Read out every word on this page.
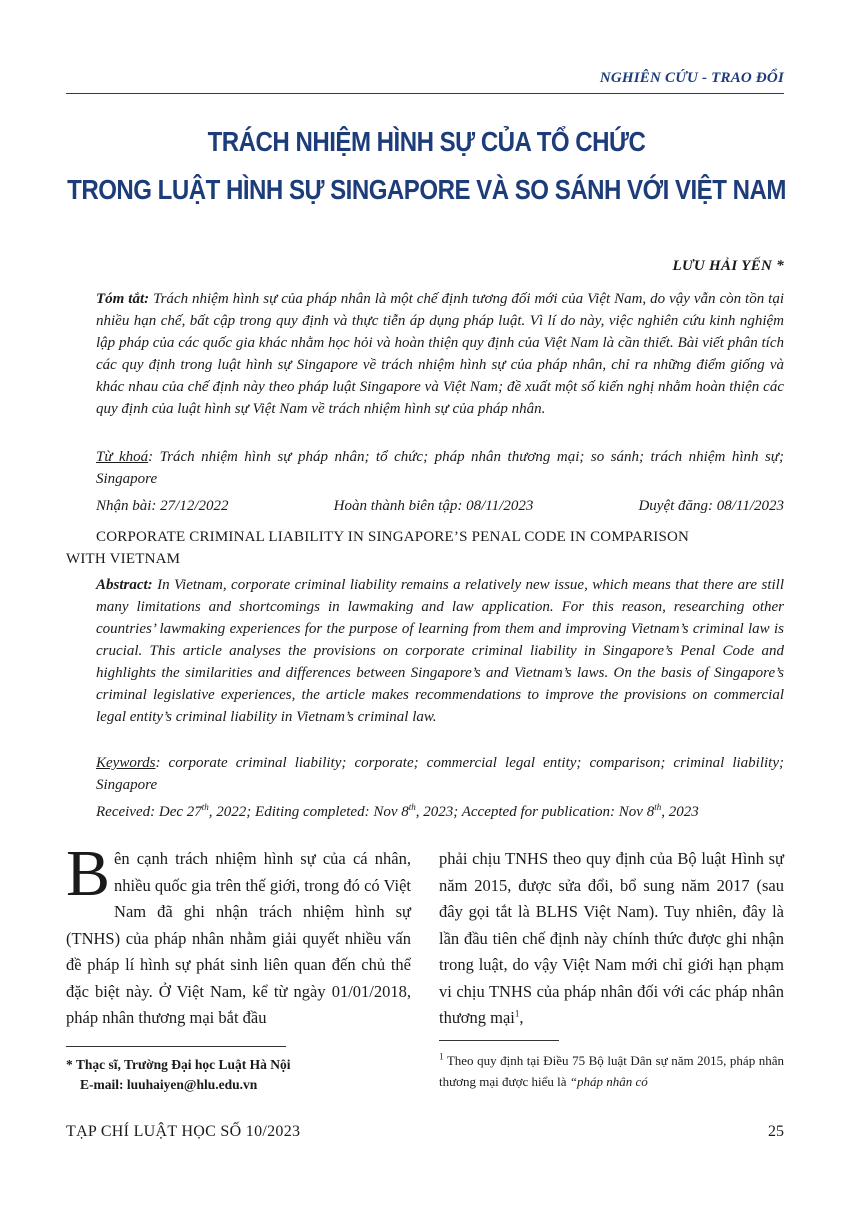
NGHIÊN CỨU - TRAO ĐỔI
TRÁCH NHIỆM HÌNH SỰ CỦA TỔ CHỨC
TRONG LUẬT HÌNH SỰ SINGAPORE VÀ SO SÁNH VỚI VIỆT NAM
LƯU HẢI YẾN *
Tóm tắt: Trách nhiệm hình sự của pháp nhân là một chế định tương đối mới của Việt Nam, do vậy vẫn còn tồn tại nhiều hạn chế, bất cập trong quy định và thực tiễn áp dụng pháp luật. Vì lí do này, việc nghiên cứu kinh nghiệm lập pháp của các quốc gia khác nhằm học hỏi và hoàn thiện quy định của Việt Nam là cần thiết. Bài viết phân tích các quy định trong luật hình sự Singapore về trách nhiệm hình sự của pháp nhân, chỉ ra những điểm giống và khác nhau của chế định này theo pháp luật Singapore và Việt Nam; đề xuất một số kiến nghị nhằm hoàn thiện các quy định của luật hình sự Việt Nam về trách nhiệm hình sự của pháp nhân.
Từ khoá: Trách nhiệm hình sự pháp nhân; tổ chức; pháp nhân thương mại; so sánh; trách nhiệm hình sự; Singapore
Nhận bài: 27/12/2022	Hoàn thành biên tập: 08/11/2023	Duyệt đăng: 08/11/2023
CORPORATE CRIMINAL LIABILITY IN SINGAPORE’S PENAL CODE IN COMPARISON
WITH VIETNAM
Abstract: In Vietnam, corporate criminal liability remains a relatively new issue, which means that there are still many limitations and shortcomings in lawmaking and law application. For this reason, researching other countries’ lawmaking experiences for the purpose of learning from them and improving Vietnam’s criminal law is crucial. This article analyses the provisions on corporate criminal liability in Singapore’s Penal Code and highlights the similarities and differences between Singapore’s and Vietnam’s laws. On the basis of Singapore’s criminal legislative experiences, the article makes recommendations to improve the provisions on commercial legal entity’s criminal liability in Vietnam’s criminal law.
Keywords: corporate criminal liability; corporate; commercial legal entity; comparison; criminal liability; Singapore
Received: Dec 27th, 2022; Editing completed: Nov 8th, 2023; Accepted for publication: Nov 8th, 2023
Bên cạnh trách nhiệm hình sự của cá nhân, nhiều quốc gia trên thế giới, trong đó có Việt Nam đã ghi nhận trách nhiệm hình sự (TNHS) của pháp nhân nhằm giải quyết nhiều vấn đề pháp lí hình sự phát sinh liên quan đến chủ thể đặc biệt này. Ở Việt Nam, kể từ ngày 01/01/2018, pháp nhân thương mại bắt đầu
phải chịu TNHS theo quy định của Bộ luật Hình sự năm 2015, được sửa đổi, bổ sung năm 2017 (sau đây gọi tắt là BLHS Việt Nam). Tuy nhiên, đây là lần đầu tiên chế định này chính thức được ghi nhận trong luật, do vậy Việt Nam mới chỉ giới hạn phạm vi chịu TNHS của pháp nhân đối với các pháp nhân thương mại$^1$,
* Thạc sĩ, Trường Đại học Luật Hà Nội
E-mail: luuhaiyen@hlu.edu.vn
$^1$ Theo quy định tại Điều 75 Bộ luật Dân sự năm 2015, pháp nhân thương mại được hiểu là “pháp nhân có
TẠP CHÍ LUẬT HỌC SỐ 10/2023	25
